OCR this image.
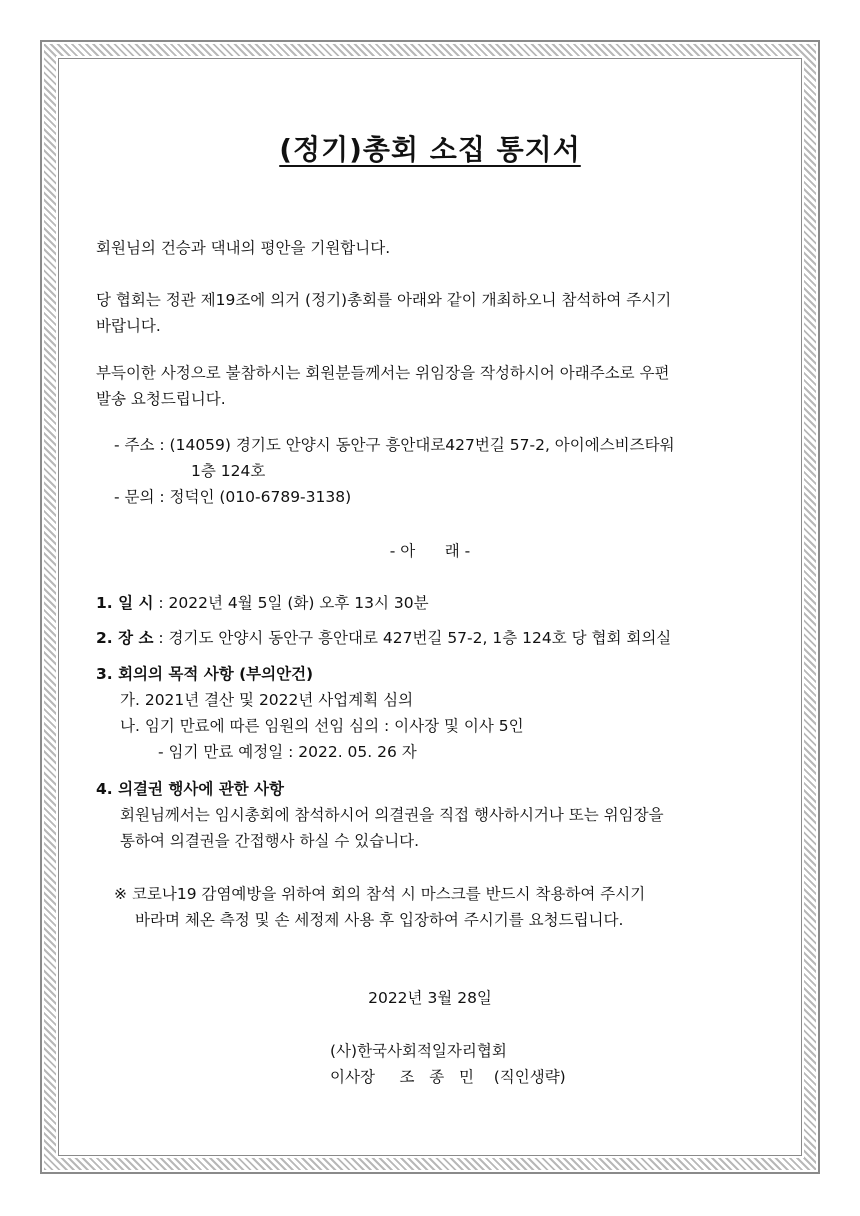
(정기)총회 소집 통지서
회원님의 건승과 댁내의 평안을 기원합니다.
당 협회는 정관 제19조에 의거 (정기)총회를 아래와 같이 개최하오니 참석하여 주시기
바랍니다.
부득이한 사정으로 불참하시는 회원분들께서는 위임장을 작성하시어 아래주소로 우편
발송 요청드립니다.
- 주소 : (14059) 경기도 안양시 동안구 흥안대로427번길 57-2, 아이에스비즈타워
1층 124호
- 문의 : 정덕인 (010-6789-3138)
- 아      래 -
1. 일 시 : 2022년 4월 5일 (화) 오후 13시 30분
2. 장 소 : 경기도 안양시 동안구 흥안대로 427번길 57-2, 1층 124호 당 협회 회의실
3. 회의의 목적 사항 (부의안건)
가. 2021년 결산 및 2022년 사업계획 심의
나. 임기 만료에 따른 임원의 선임 심의 : 이사장 및 이사 5인
- 임기 만료 예정일 : 2022. 05. 26 자
4. 의결권 행사에 관한 사항
회원님께서는 임시총회에 참석하시어 의결권을 직접 행사하시거나 또는 위임장을
통하여 의결권을 간접행사 하실 수 있습니다.
※ 코로나19 감염예방을 위하여 회의 참석 시 마스크를 반드시 착용하여 주시기
바라며 체온 측정 및 손 세정제 사용 후 입장하여 주시기를 요청드립니다.
2022년 3월 28일
(사)한국사회적일자리협회
이사장     조   종   민    (직인생략)
